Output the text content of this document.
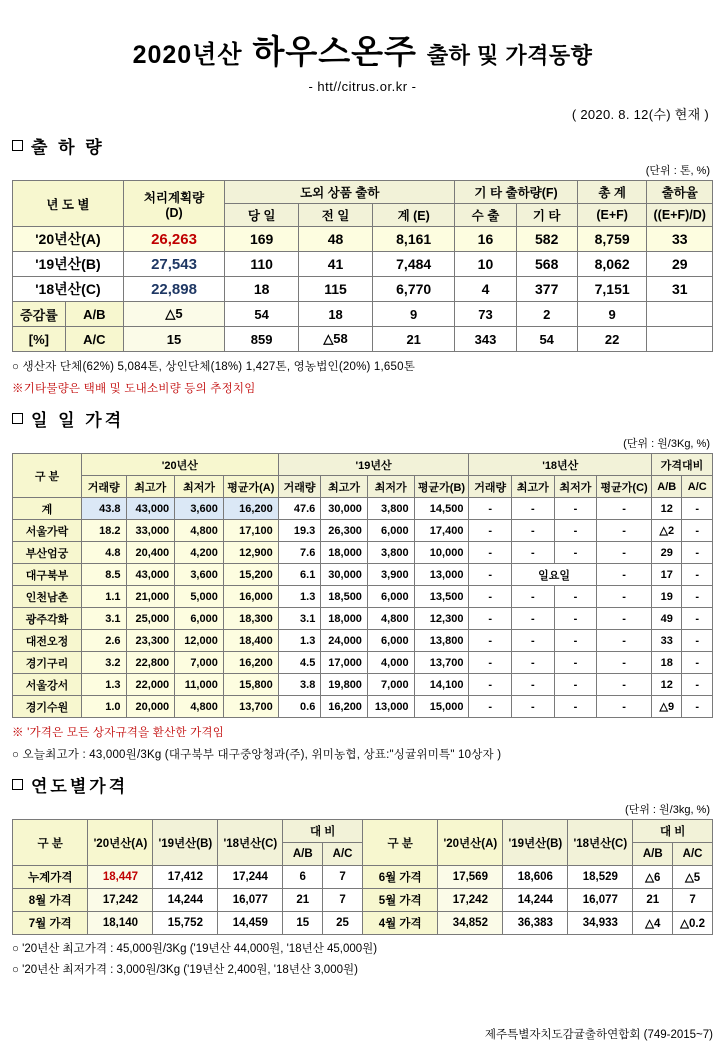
2020년산 하우스온주 출하 및 가격동향
- htt//citrus.or.kr -
( 2020. 8. 12(수) 현재 )
출 하 량
(단위 : 톤, %)
년 도 별		처리계획량
(D)	도외 상품 출하			기 타 출하량(F)		총 계	출하율
			당 일	전 일	계 (E)	수 출	기 타	(E+F)	((E+F)/D)
'20년산(A)		26,263	169	48	8,161	16	582	8,759	33
'19년산(B)		27,543	110	41	7,484	10	568	8,062	29
'18년산(C)		22,898	18	115	6,770	4	377	7,151	31
증감률	A/B	△5	54	18	9	73	2	9	
[%]	A/C	15	859	△58	21	343	54	22	
○ 생산자 단체(62%) 5,084톤, 상인단체(18%) 1,427톤, 영농법인(20%) 1,650톤
※기타물량은 택배 및 도내소비량 등의 추정치임
일 일 가격
(단위 : 원/3Kg, %)
구 분	'20년산				'19년산				'18년산				가격대비	
	거래량	최고가	최저가	평균가(A)	거래량	최고가	최저가	평균가(B)	거래량	최고가	최저가	평균가(C)	A/B	A/C
계	43.8	43,000	3,600	16,200	47.6	30,000	3,800	14,500	-	-	-	-	12	-
서울가락	18.2	33,000	4,800	17,100	19.3	26,300	6,000	17,400	-	-	-	-	△2	-
부산엄궁	4.8	20,400	4,200	12,900	7.6	18,000	3,800	10,000	-	-	-	-	29	-
대구북부	8.5	43,000	3,600	15,200	6.1	30,000	3,900	13,000	-	일요일		-	17	-
인천남촌	1.1	21,000	5,000	16,000	1.3	18,500	6,000	13,500	-	-	-	-	19	-
광주각화	3.1	25,000	6,000	18,300	3.1	18,000	4,800	12,300	-	-	-	-	49	-
대전오정	2.6	23,300	12,000	18,400	1.3	24,000	6,000	13,800	-	-	-	-	33	-
경기구리	3.2	22,800	7,000	16,200	4.5	17,000	4,000	13,700	-	-	-	-	18	-
서울강서	1.3	22,000	11,000	15,800	3.8	19,800	7,000	14,100	-	-	-	-	12	-
경기수원	1.0	20,000	4,800	13,700	0.6	16,200	13,000	15,000	-	-	-	-	△9	-
※ '가격은 모든 상자규격을 환산한 가격임
○ 오늘최고가 : 43,000원/3Kg (대구북부 대구중앙청과(주), 위미농협, 상표:"싱귤위미특" 10상자 )
연도별가격
(단위 : 원/3kg, %)
구 분	'20년산(A)	'19년산(B)	'18년산(C)	대 비		구 분	'20년산(A)	'19년산(B)	'18년산(C)	대 비	
				A/B	A/C					A/B	A/C
누계가격	18,447	17,412	17,244	6	7	6월 가격	17,569	18,606	18,529	△6	△5
8월 가격	17,242	14,244	16,077	21	7	5월 가격	17,242	14,244	16,077	21	7
7월 가격	18,140	15,752	14,459	15	25	4월 가격	34,852	36,383	34,933	△4	△0.2
○ '20년산 최고가격 : 45,000원/3Kg ('19년산 44,000원, '18년산 45,000원)
○ '20년산 최저가격 : 3,000원/3Kg ('19년산 2,400원, '18년산 3,000원)
제주특별자치도감귤출하연합회 (749-2015~7)
